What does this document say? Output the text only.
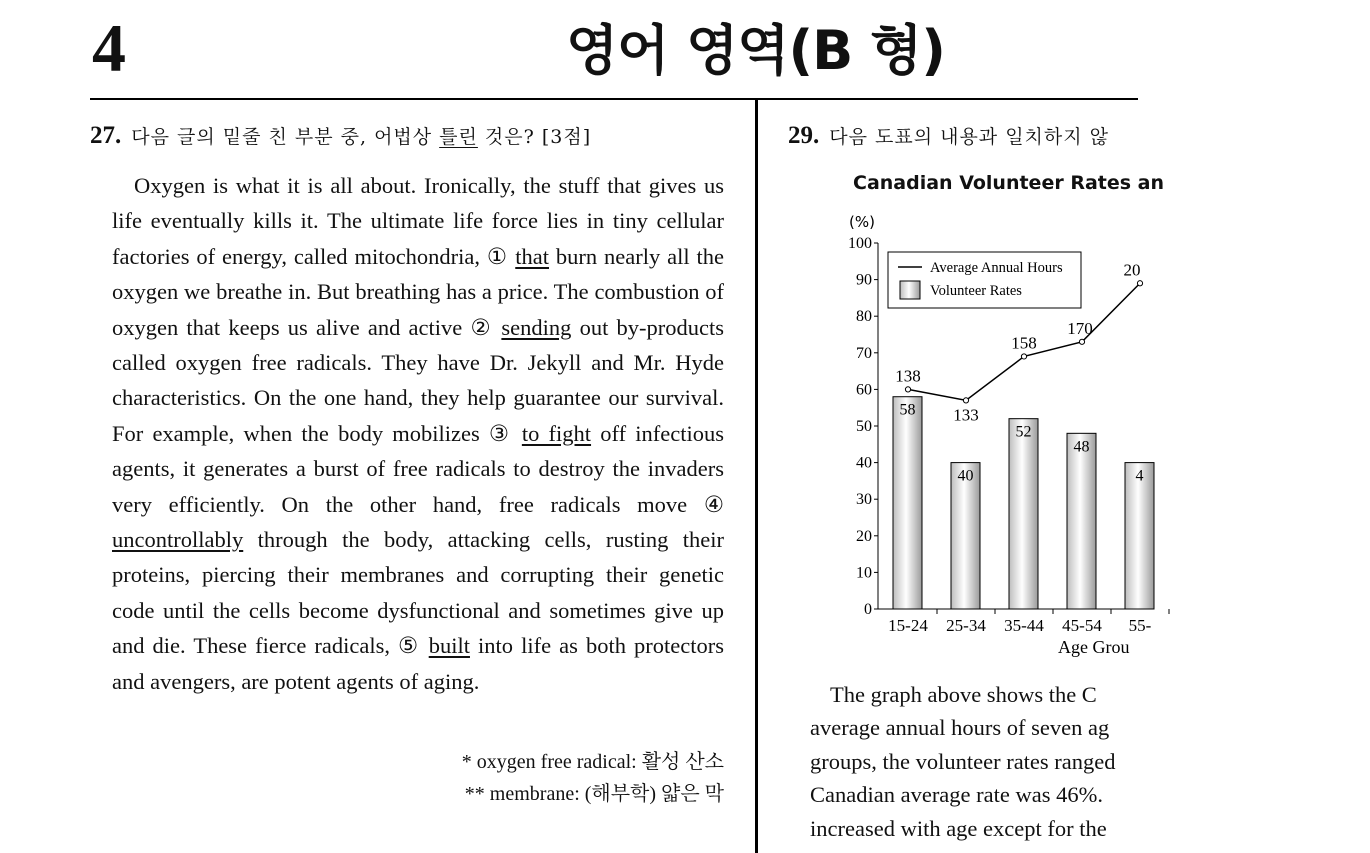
4	영어 영역(B 형)
27. 다음 글의 밑줄 친 부분 중, 어법상 틀린 것은? [3점]

Oxygen is what it is all about. Ironically, the stuff that gives us life eventually kills it. The ultimate life force lies in tiny cellular factories of energy, called mitochondria, ① that burn nearly all the oxygen we breathe in. But breathing has a price. The combustion of oxygen that keeps us alive and active ② sending out by-products called oxygen free radicals. They have Dr. Jekyll and Mr. Hyde characteristics. On the one hand, they help guarantee our survival. For example, when the body mobilizes ③ to fight off infectious agents, it generates a burst of free radicals to destroy the invaders very efficiently. On the other hand, free radicals move ④ uncontrollably through the body, attacking cells, rusting their proteins, piercing their membranes and corrupting their genetic code until the cells become dysfunctional and sometimes give up and die. These fierce radicals, ⑤ built into life as both protectors and avengers, are potent agents of aging.

* oxygen free radical: 활성 산소
** membrane: (해부학) 얇은 막
29. 다음 도표의 내용과 일치하지 않
Canadian Volunteer Rates an
0
10
20
30
40
50
60
70
80
90
100
(%)
15-24 25-34 35-44 45-54 55-
Age Grou
58
40
52
48
4
138
133
158
170
20
Average Annual Hours
Volunteer Rates
The graph above shows the C
average annual hours of seven ag
groups, the volunteer rates ranged
Canadian average rate was 46%.
increased with age except for the
